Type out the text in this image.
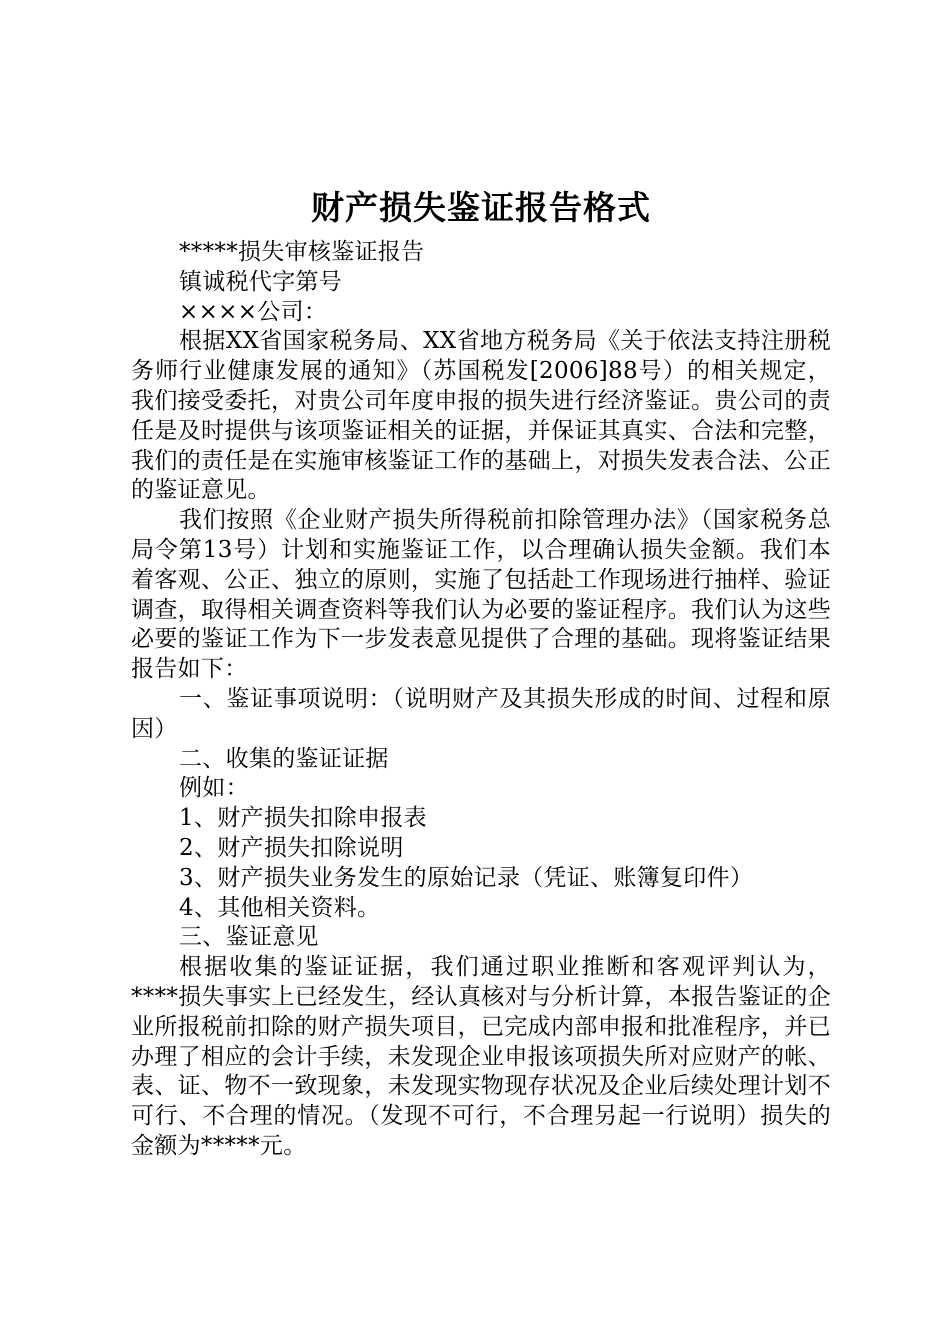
财产损失鉴证报告格式

*****损失审核鉴证报告

镇诚税代字第号

××××公司：

根据XX省国家税务局、XX省地方税务局《关于依法支持注册税务师行业健康发展的通知》（苏国税发[2006]88号）的相关规定，我们接受委托，对贵公司年度申报的损失进行经济鉴证。贵公司的责任是及时提供与该项鉴证相关的证据，并保证其真实、合法和完整，我们的责任是在实施审核鉴证工作的基础上，对损失发表合法、公正的鉴证意见。

我们按照《企业财产损失所得税前扣除管理办法》（国家税务总局令第13号）计划和实施鉴证工作，以合理确认损失金额。我们本着客观、公正、独立的原则，实施了包括赴工作现场进行抽样、验证调查，取得相关调查资料等我们认为必要的鉴证程序。我们认为这些必要的鉴证工作为下一步发表意见提供了合理的基础。现将鉴证结果报告如下：

一、鉴证事项说明：（说明财产及其损失形成的时间、过程和原因）

二、收集的鉴证证据

例如：

1、财产损失扣除申报表

2、财产损失扣除说明

3、财产损失业务发生的原始记录（凭证、账簿复印件）

4、其他相关资料。

三、鉴证意见

根据收集的鉴证证据，我们通过职业推断和客观评判认为，****损失事实上已经发生，经认真核对与分析计算，本报告鉴证的企业所报税前扣除的财产损失项目，已完成内部申报和批准程序，并已办理了相应的会计手续，未发现企业申报该项损失所对应财产的帐、表、证、物不一致现象，未发现实物现存状况及企业后续处理计划不可行、不合理的情况。（发现不可行，不合理另起一行说明）损失的金额为*****元。
